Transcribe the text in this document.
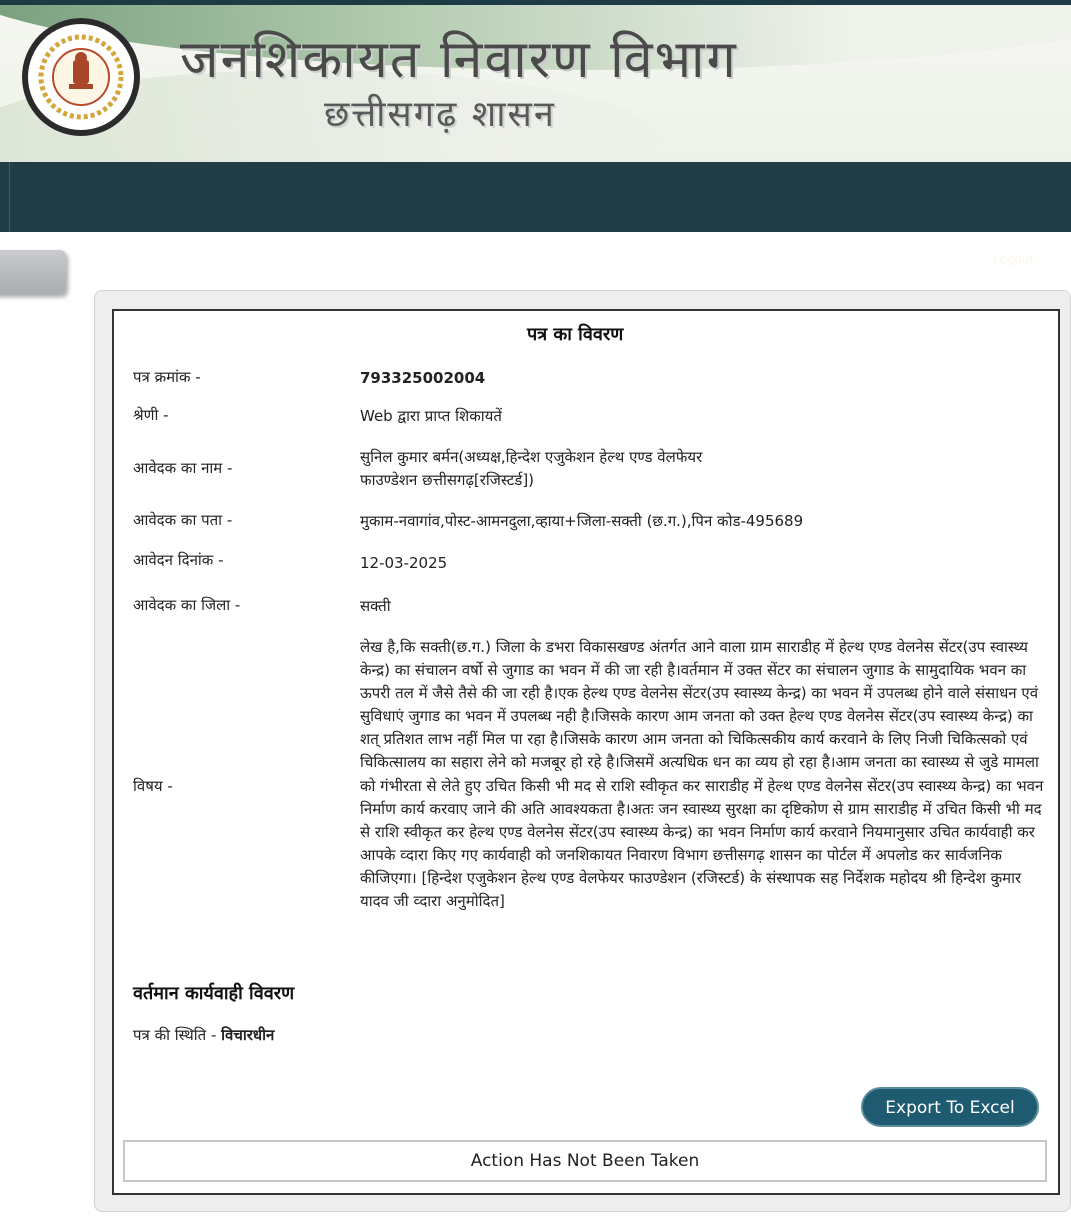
जनशिकायत निवारण विभाग
छत्तीसगढ़ शासन
Logout
पत्र का विवरण
पत्र क्रमांक -	793325002004
श्रेणी -	Web द्वारा प्राप्त शिकायतें
आवेदक का नाम -
सुनिल कुमार बर्मन(अध्यक्ष,हिन्देश एजुकेशन हेल्थ एण्ड वेलफेयर
फाउण्डेशन छत्तीसगढ़[रजिस्टर्ड])
आवेदक का पता -	मुकाम-नवागांव,पोस्ट-आमनदुला,व्हाया+जिला-सक्ती (छ.ग.),पिन कोड-495689
आवेदन दिनांक -	12-03-2025
आवेदक का जिला -	सक्ती
विषय -
लेख है,कि सक्ती(छ.ग.) जिला के डभरा विकासखण्ड अंतर्गत आने वाला ग्राम साराडीह में हेल्थ एण्ड वेलनेस सेंटर(उप स्वास्थ्य केन्द्र) का संचालन वर्षो से जुगाड का भवन में की जा रही है।वर्तमान में उक्त सेंटर का संचालन जुगाड के सामुदायिक भवन का ऊपरी तल में जैसे तैसे की जा रही है।एक हेल्थ एण्ड वेलनेस सेंटर(उप स्वास्थ्य केन्द्र) का भवन में उपलब्ध होने वाले संसाधन एवं सुविधाएं जुगाड का भवन में उपलब्ध नही है।जिसके कारण आम जनता को उक्त हेल्थ एण्ड वेलनेस सेंटर(उप स्वास्थ्य केन्द्र) का शत् प्रतिशत लाभ नहीं मिल पा रहा है।जिसके कारण आम जनता को चिकित्सकीय कार्य करवाने के लिए निजी चिकित्सको एवं चिकित्सालय का सहारा लेने को मजबूर हो रहे है।जिसमें अत्यधिक धन का व्यय हो रहा है।आम जनता का स्वास्थ्य से जुडे मामला को गंभीरता से लेते हुए उचित किसी भी मद से राशि स्वीकृत कर साराडीह में हेल्थ एण्ड वेलनेस सेंटर(उप स्वास्थ्य केन्द्र) का भवन निर्माण कार्य करवाए जाने की अति आवश्यकता है।अतः जन स्वास्थ्य सुरक्षा का दृष्टिकोण से ग्राम साराडीह में उचित किसी भी मद से राशि स्वीकृत कर हेल्थ एण्ड वेलनेस सेंटर(उप स्वास्थ्य केन्द्र) का भवन निर्माण कार्य करवाने नियमानुसार उचित कार्यवाही कर आपके व्दारा किए गए कार्यवाही को जनशिकायत निवारण विभाग छत्तीसगढ़ शासन का पोर्टल में अपलोड कर सार्वजनिक कीजिएगा। [हिन्देश एजुकेशन हेल्थ एण्ड वेलफेयर फाउण्डेशन (रजिस्टर्ड) के संस्थापक सह निर्देशक महोदय श्री हिन्देश कुमार यादव जी व्दारा अनुमोदित]
वर्तमान कार्यवाही विवरण
पत्र की स्थिति - विचारधीन
Export To Excel
Action Has Not Been Taken
